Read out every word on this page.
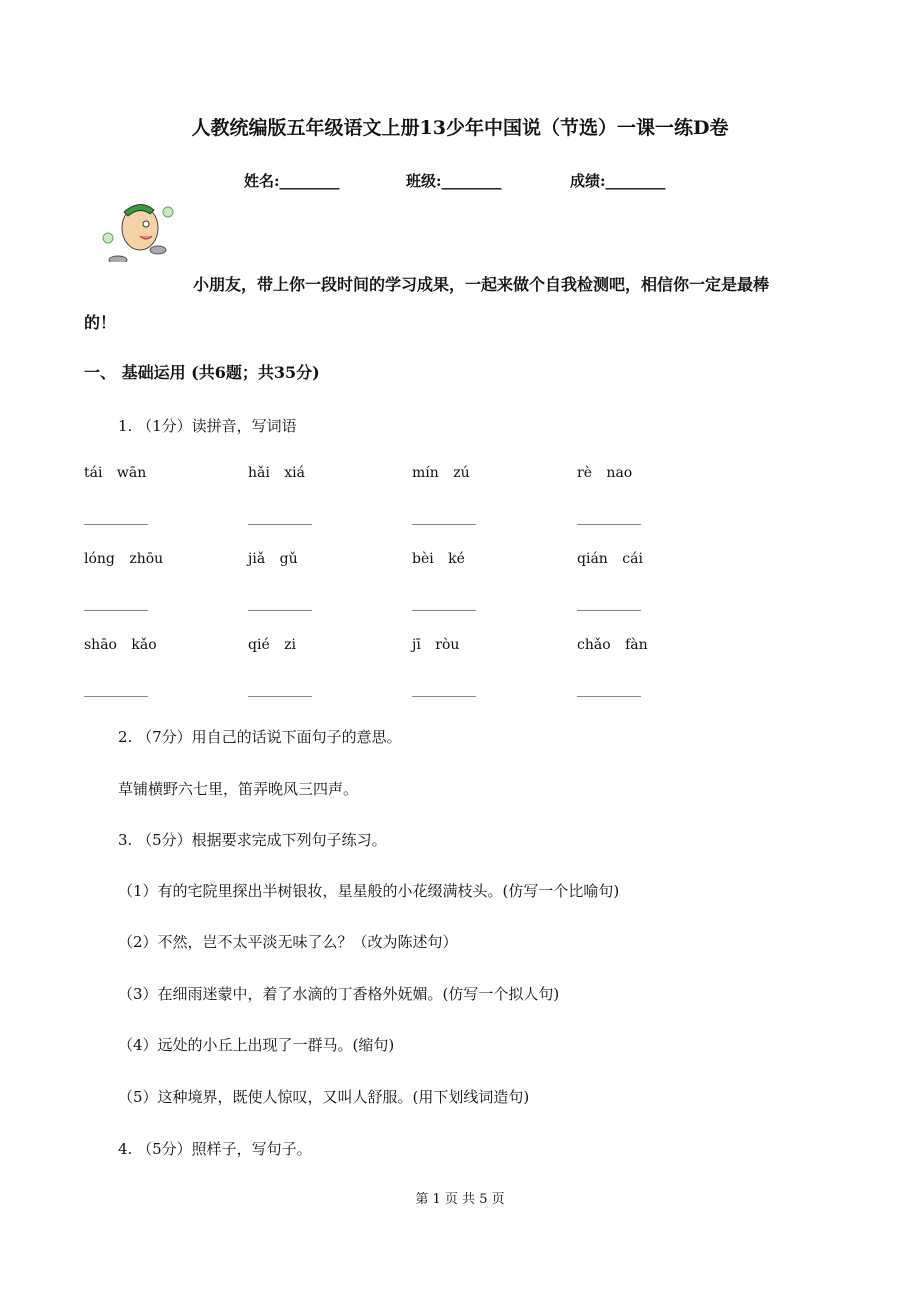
人教统编版五年级语文上册13少年中国说（节选）一课一练D卷
姓名:________	班级:________	成绩:________
小朋友，带上你一段时间的学习成果，一起来做个自我检测吧，相信你一定是最棒
的！
一、 基础运用 (共6题；共35分)
1. （1分）读拼音，写词语
tái wān	hǎi xiá	mín zú	rè nao
lóng zhōu	jiǎ gǔ	bèi ké	qián cái
shāo kǎo	qié zi	jī ròu	chǎo fàn
2. （7分）用自己的话说下面句子的意思。
草铺横野六七里，笛弄晚风三四声。
3. （5分）根据要求完成下列句子练习。
（1）有的宅院里探出半树银妆，星星般的小花缀满枝头。(仿写一个比喻句)
（2）不然，岂不太平淡无味了么？（改为陈述句）
（3）在细雨迷蒙中，着了水滴的丁香格外妩媚。(仿写一个拟人句)
（4）远处的小丘上出现了一群马。(缩句)
（5）这种境界，既使人惊叹，又叫人舒服。(用下划线词造句)
4. （5分）照样子，写句子。
第 1 页 共 5 页
